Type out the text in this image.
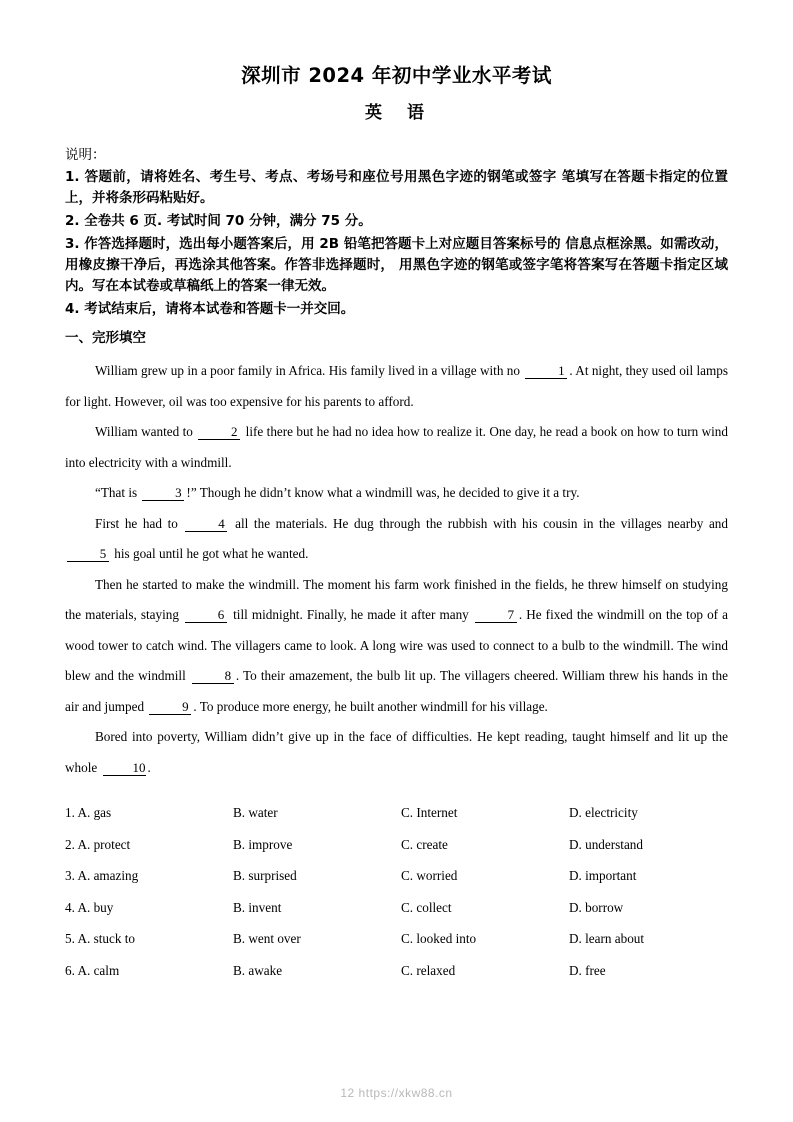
深圳市 2024 年初中学业水平考试
英　语

说明：

1. 答题前，请将姓名、考生号、考点、考场号和座位号用黑色字迹的钢笔或签字 笔填写在答题卡指定的位置上，并将条形码粘贴好。

2. 全卷共 6 页. 考试时间 70 分钟，满分 75 分。

3. 作答选择题时，选出每小题答案后，用 2B 铅笔把答题卡上对应题目答案标号的 信息点框涂黑。如需改动，用橡皮擦干净后，再选涂其他答案。作答非选择题时， 用黑色字迹的钢笔或签字笔将答案写在答题卡指定区域内。写在本试卷或草稿纸上的答案一律无效。

4. 考试结束后，请将本试卷和答题卡一并交回。

一、完形填空

William grew up in a poor family in Africa. His family lived in a village with no	1 . At night, they used oil lamps for light. However, oil was too expensive for his parents to afford.

William wanted to	2 life there but he had no idea how to realize it. One day, he read a book on how to turn wind into electricity with a windmill.

“That is	3 !” Though he didn’t know what a windmill was, he decided to give it a try.

First he had to	4 all the materials. He dug through the rubbish with his cousin in the villages nearby and 5 his goal until he got what he wanted.

Then he started to make the windmill. The moment his farm work finished in the fields, he threw himself on studying the materials, staying	6 till midnight. Finally, he made it after many	7 . He fixed the windmill on the top of a wood tower to catch wind. The villagers came to look. A long wire was used to connect to a bulb to the windmill. The wind blew and the windmill	8 . To their amazement, the bulb lit up. The villagers cheered. William threw his hands in the air and jumped	9 . To produce more energy, he built another windmill for his village.

Bored into poverty, William didn’t give up in the face of difficulties. He kept reading, taught himself and lit up the whole 10 .

1. A. gas	B. water	C. Internet	D. electricity
2. A. protect	B. improve	C. create	D. understand
3. A. amazing	B. surprised	C. worried	D. important
4. A. buy	B. invent	C. collect	D. borrow
5. A. stuck to	B. went over	C. looked into	D. learn about
6. A. calm	B. awake	C. relaxed	D. free
12 https://xkw88.cn
